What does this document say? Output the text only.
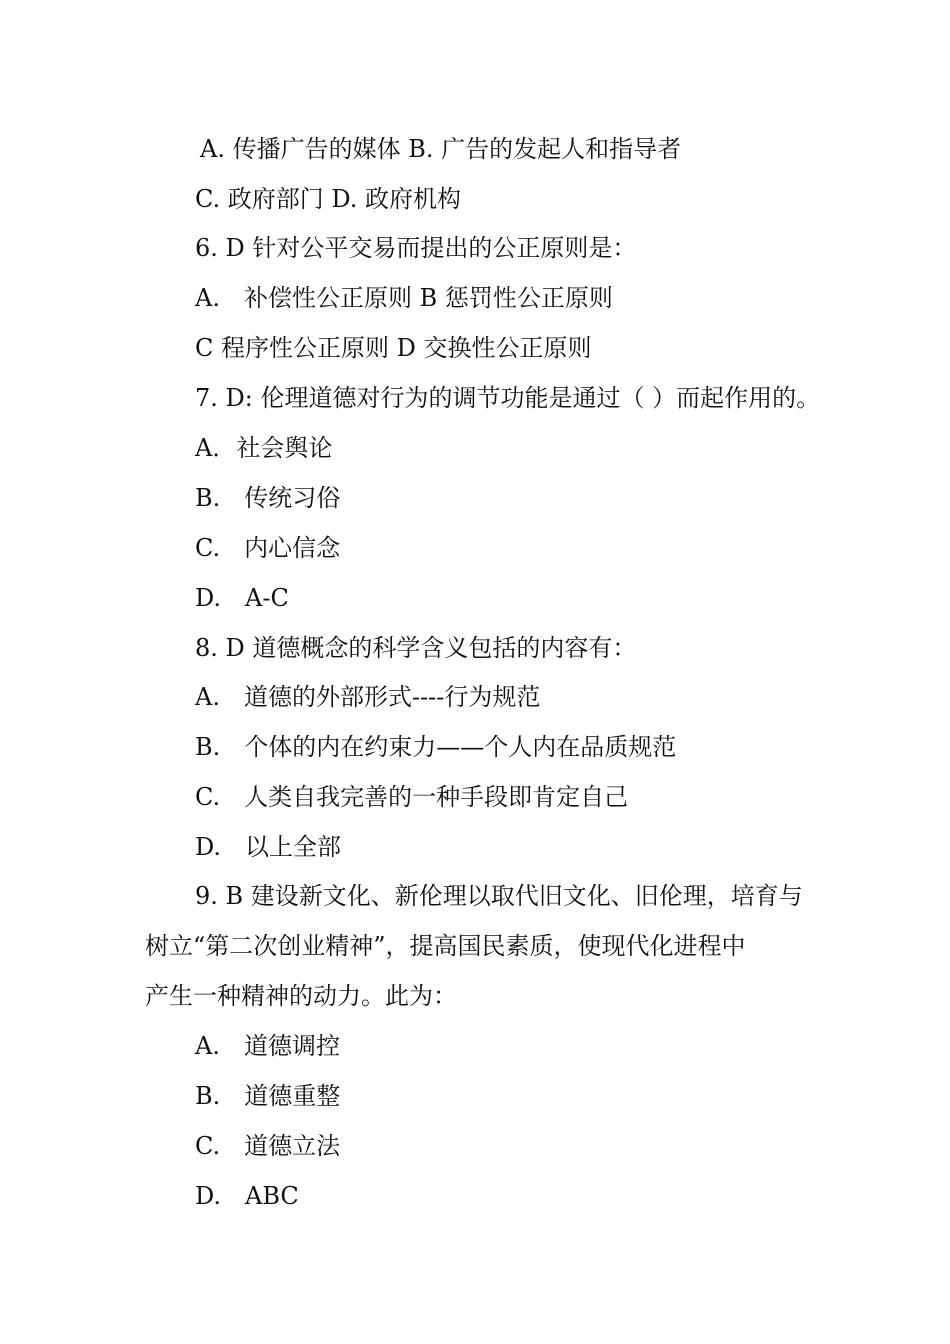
A. 传播广告的媒体 B. 广告的发起人和指导者
C. 政府部门 D. 政府机构
6. D 针对公平交易而提出的公正原则是：
A.　补偿性公正原则 B 惩罚性公正原则
C 程序性公正原则 D 交换性公正原则
7. D: 伦理道德对行为的调节功能是通过（ ）而起作用的。
A．社会舆论
B.　传统习俗
C.　内心信念
D.　A-C
8. D 道德概念的科学含义包括的内容有：
A.　道德的外部形式----行为规范
B.　个体的内在约束力——个人内在品质规范
C.　人类自我完善的一种手段即肯定自己
D.　以上全部
9. B 建设新文化、新伦理以取代旧文化、旧伦理，培育与
树立“第二次创业精神”，提高国民素质，使现代化进程中
产生一种精神的动力。此为：
A.　道德调控
B.　道德重整
C.　道德立法
D.　ABC
